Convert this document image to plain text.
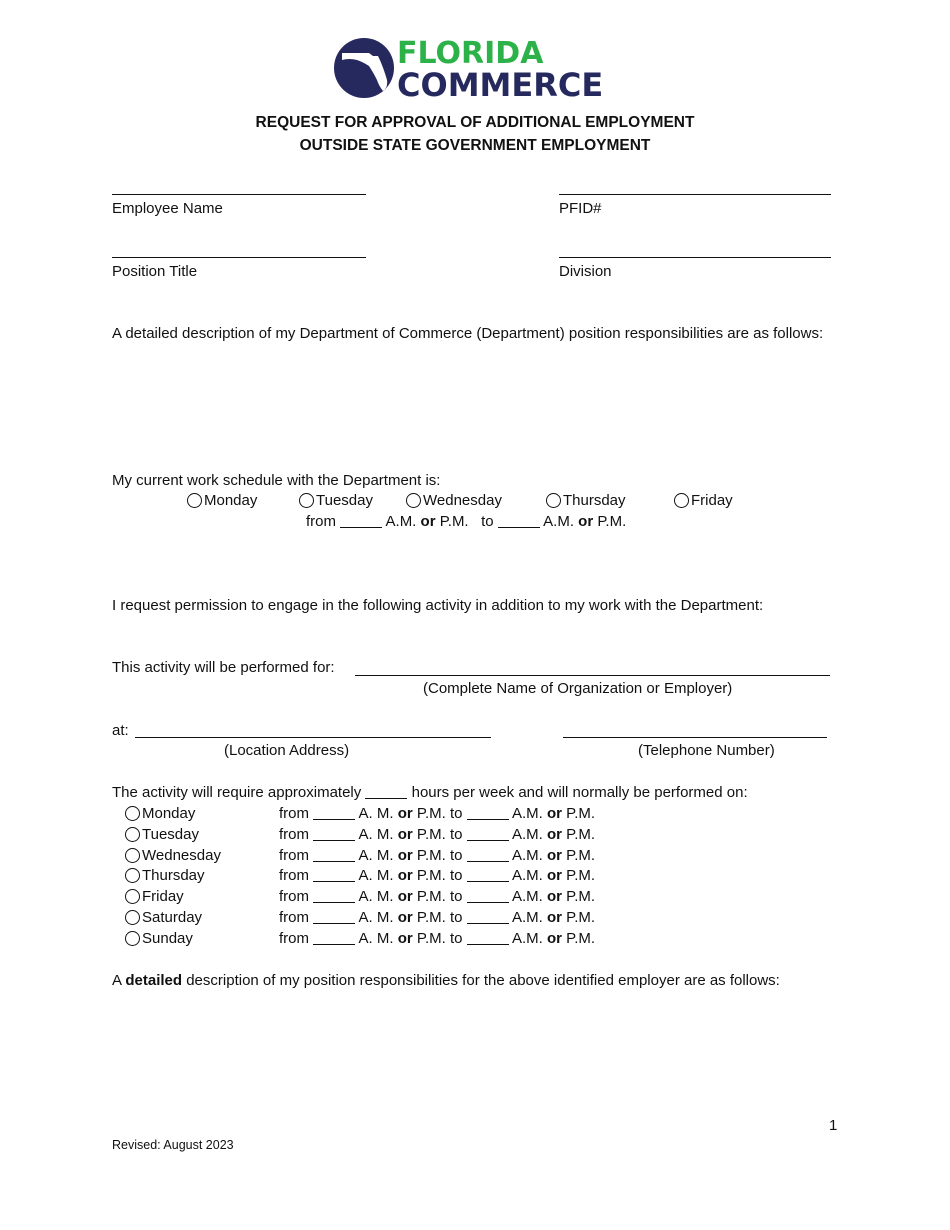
FLORIDA
COMMERCE
REQUEST FOR APPROVAL OF ADDITIONAL EMPLOYMENT
OUTSIDE STATE GOVERNMENT EMPLOYMENT
Employee Name	PFID#
Position Title	Division
A detailed description of my Department of Commerce (Department) position responsibilities are as follows:
My current work schedule with the Department is:
Monday	Tuesday	Wednesday	Thursday	Friday
from	A.M. or P.M. to	A.M. or P.M.
I request permission to engage in the following activity in addition to my work with the Department:
This activity will be performed for:
(Complete Name of Organization or Employer)
at:
(Location Address)	(Telephone Number)
The activity will require approximately	hours per week and will normally be performed on:
Monday	from	A. M. or P.M. to	A.M. or P.M.
Tuesday	from	A. M. or P.M. to	A.M. or P.M.
Wednesday	from	A. M. or P.M. to	A.M. or P.M.
Thursday	from	A. M. or P.M. to	A.M. or P.M.
Friday	from	A. M. or P.M. to	A.M. or P.M.
Saturday	from	A. M. or P.M. to	A.M. or P.M.
Sunday	from	A. M. or P.M. to	A.M. or P.M.
A detailed description of my position responsibilities for the above identified employer are as follows:
1
Revised: August 2023
